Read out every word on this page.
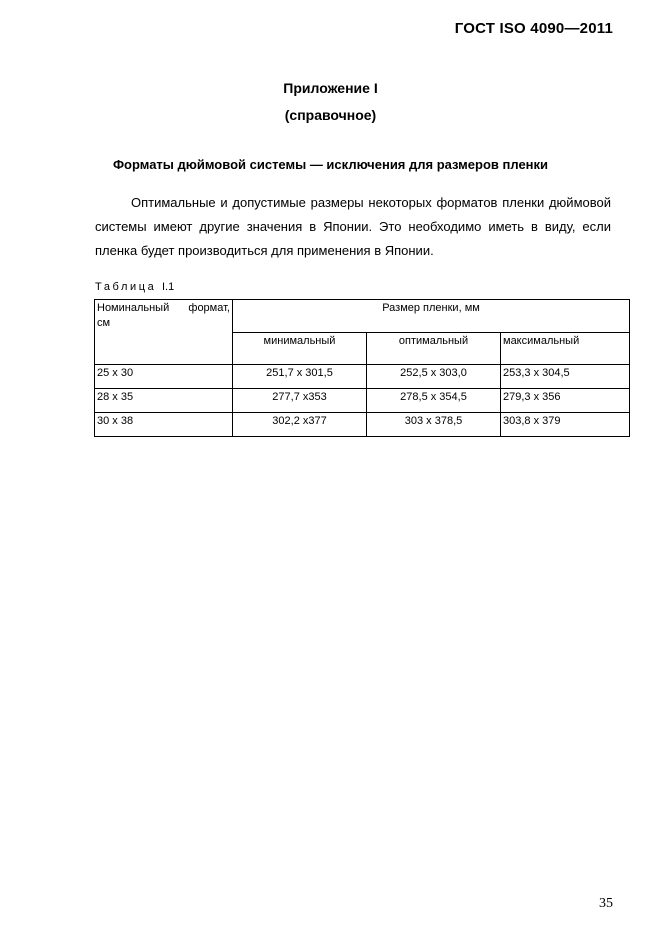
ГОСТ ISO 4090—2011
Приложение I
(справочное)
Форматы дюймовой системы — исключения для размеров пленки

Оптимальные и допустимые размеры некоторых форматов пленки дюймовой системы имеют другие значения в Японии. Это необходимо иметь в виду, если пленка будет производиться для применения в Японии.

Таблица I.1
Номинальный формат,
см	Размер пленки, мм		
	минимальный	оптимальный	максимальный
25 х 30	251,7 х 301,5	252,5 х 303,0	253,3 х 304,5
28 х 35	277,7 х353	278,5 х 354,5	279,3 х 356
30 х 38	302,2 х377	303 х 378,5	303,8 х 379
35
